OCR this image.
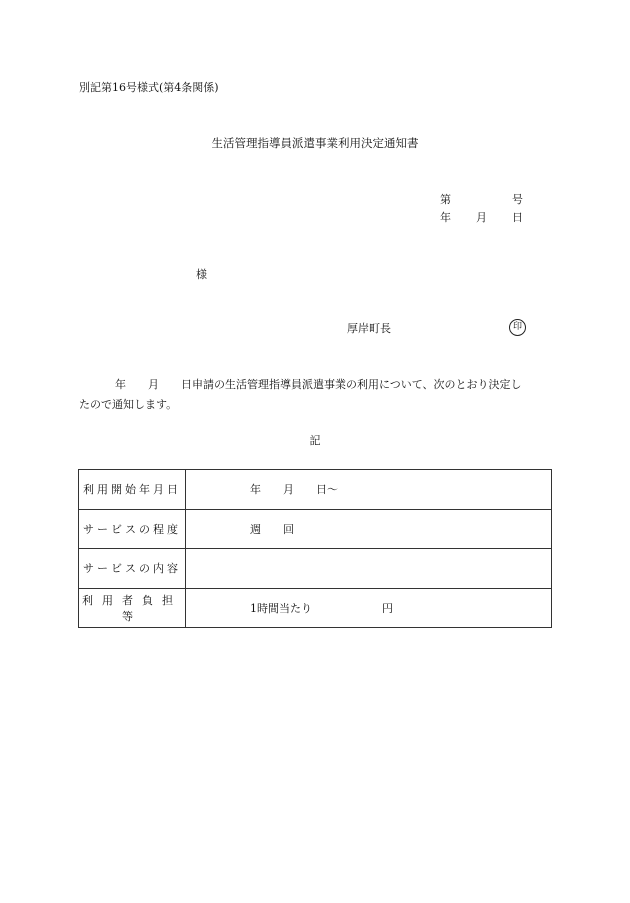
別記第16号様式(第4条関係)
生活管理指導員派遣事業利用決定通知書
第	号
年 月 日
様
厚岸町長	印
年 月 日申請の生活管理指導員派遣事業の利用について、次のとおり決定し
たので通知します。
記
利用開始年月日	年 月 日〜
サービスの程度	週 回
サービスの内容	
利用者負担等	1時間当たり 円
